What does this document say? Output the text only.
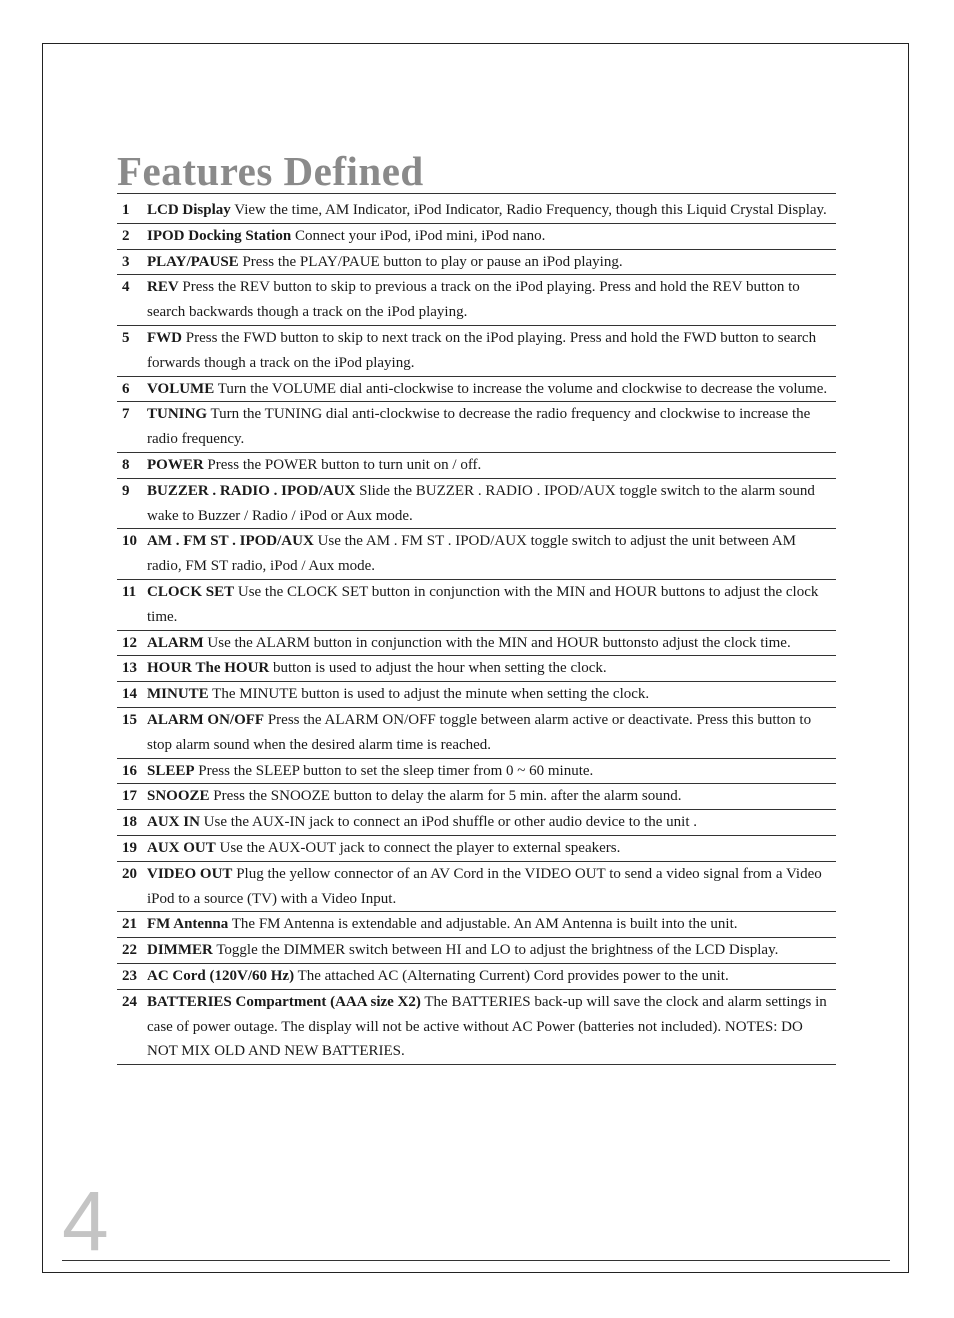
Features Defined
1 LCD Display View the time, AM Indicator, iPod Indicator, Radio Frequency, though this Liquid Crystal Display.
2 IPOD Docking Station Connect your iPod, iPod mini, iPod nano.
3 PLAY/PAUSE Press the PLAY/PAUE button to play or pause an iPod playing.
4 REV Press the REV button to skip to previous a track on the iPod playing. Press and hold the REV button to search backwards though a track on the iPod playing.
5 FWD Press the FWD button to skip to next track on the iPod playing. Press and hold the FWD button to search forwards though a track on the iPod playing.
6 VOLUME Turn the VOLUME dial anti-clockwise to increase the volume and clockwise to decrease the volume.
7 TUNING Turn the TUNING dial anti-clockwise to decrease the radio frequency and clockwise to increase the radio frequency.
8 POWER Press the POWER button to turn unit on / off.
9 BUZZER . RADIO . IPOD/AUX Slide the BUZZER . RADIO . IPOD/AUX toggle switch to the alarm sound wake to Buzzer / Radio / iPod or Aux mode.
10 AM . FM ST . IPOD/AUX Use the AM . FM ST . IPOD/AUX toggle switch to adjust the unit between AM radio, FM ST radio, iPod / Aux mode.
11 CLOCK SET Use the CLOCK SET button in conjunction with the MIN and HOUR buttons to adjust the clock time.
12 ALARM Use the ALARM button in conjunction with the MIN and HOUR buttonsto adjust the clock time.
13 HOUR The HOUR button is used to adjust the hour when setting the clock.
14 MINUTE The MINUTE button is used to adjust the minute when setting the clock.
15 ALARM ON/OFF Press the ALARM ON/OFF toggle between alarm active or deactivate. Press this button to stop alarm sound when the desired alarm time is reached.
16 SLEEP Press the SLEEP button to set the sleep timer from 0 ~ 60 minute.
17 SNOOZE Press the SNOOZE button to delay the alarm for 5 min. after the alarm sound.
18 AUX IN Use the AUX-IN jack to connect an iPod shuffle or other audio device to the unit .
19 AUX OUT Use the AUX-OUT jack to connect the player to external speakers.
20 VIDEO OUT Plug the yellow connector of an AV Cord in the VIDEO OUT to send a video signal from a Video iPod to a source (TV) with a Video Input.
21 FM Antenna The FM Antenna is extendable and adjustable. An AM Antenna is built into the unit.
22 DIMMER Toggle the DIMMER switch between HI and LO to adjust the brightness of the LCD Display.
23 AC Cord (120V/60 Hz) The attached AC (Alternating Current) Cord provides power to the unit.
24 BATTERIES Compartment (AAA size X2) The BATTERIES back-up will save the clock and alarm settings in case of power outage. The display will not be active without AC Power (batteries not included). NOTES: DO NOT MIX OLD AND NEW BATTERIES.
4
